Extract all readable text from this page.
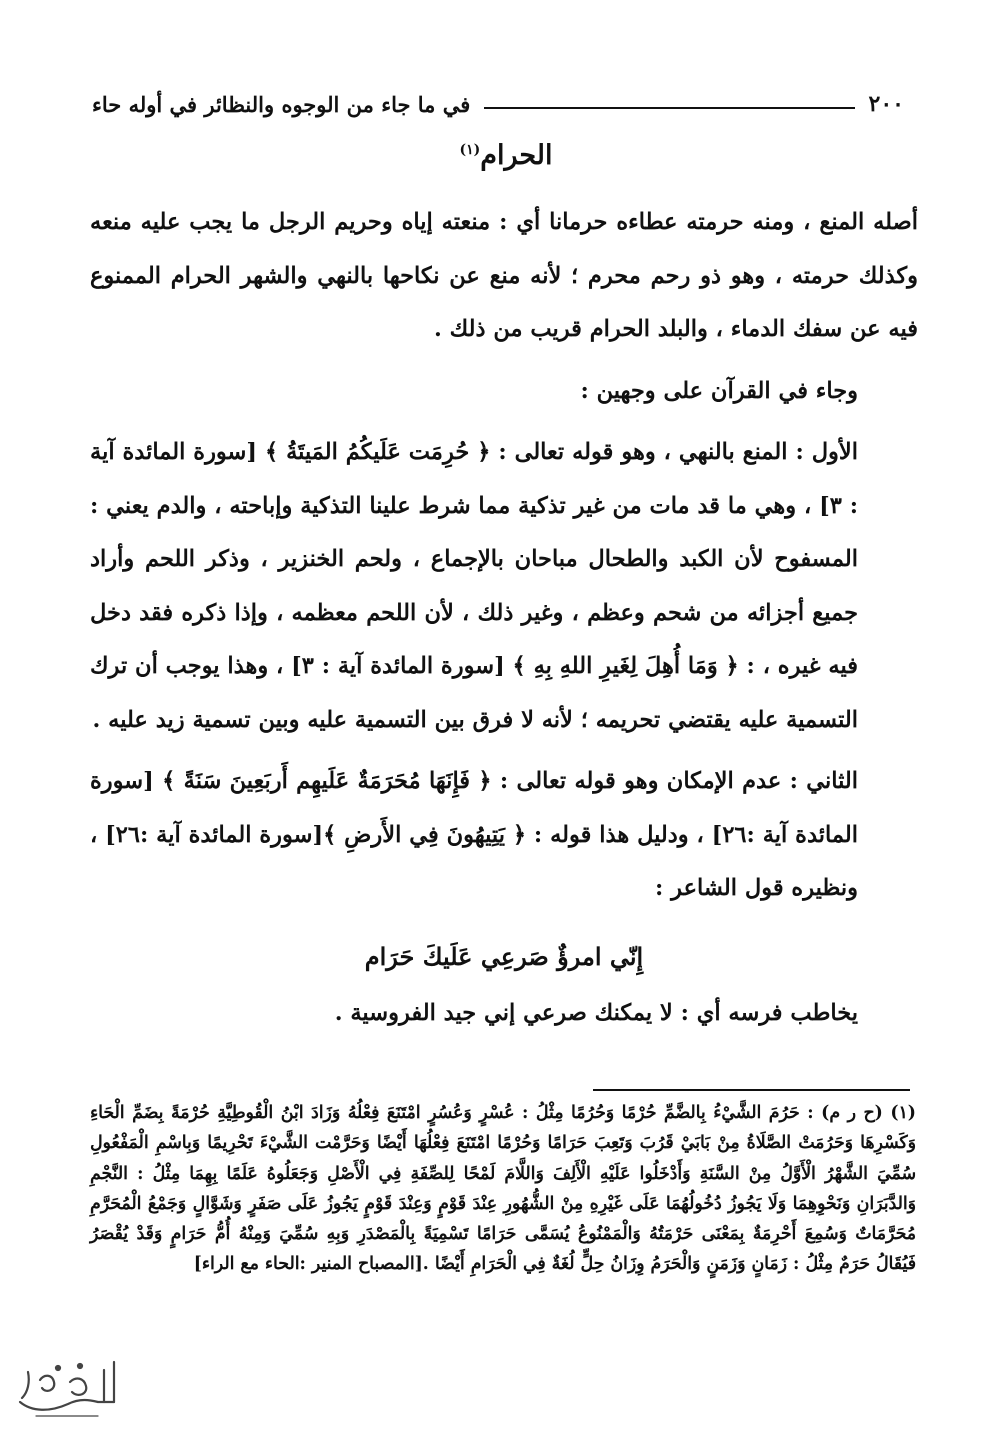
٢٠٠
في ما جاء من الوجوه والنظائر في أوله حاء
الحرام$^{(١)}$

أصله المنع ، ومنه حرمته عطاءه حرمانا أي : منعته إياه وحريم الرجل ما يجب عليه منعه وكذلك حرمته ، وهو ذو رحم محرم ؛ لأنه منع عن نكاحها بالنهي والشهر الحرام الممنوع فيه عن سفك الدماء ، والبلد الحرام قريب من ذلك .

وجاء في القرآن على وجهين :

الأول : المنع بالنهي ، وهو قوله تعالى : ﴿ حُرِمَت عَلَيكُمُ المَيتَةُ ﴾ [سورة المائدة آية : ٣] ، وهي ما قد مات من غير تذكية مما شرط علينا التذكية وإباحته ، والدم يعني : المسفوح لأن الكبد والطحال مباحان بالإجماع ، ولحم الخنزير ، وذكر اللحم وأراد جميع أجزائه من شحم وعظم ، وغير ذلك ، لأن اللحم معظمه ، وإذا ذكره فقد دخل فيه غيره ، : ﴿ وَمَا أُهِلَ لِغَيرِ اللهِ بِهِ ﴾ [سورة المائدة آية : ٣] ، وهذا يوجب أن ترك التسمية عليه يقتضي تحريمه ؛ لأنه لا فرق بين التسمية عليه وبين تسمية زيد عليه .

الثاني : عدم الإمكان وهو قوله تعالى : ﴿ فَإِنَهَا مُحَرَمَةٌ عَلَيهِم أَربَعِينَ سَنَةً ﴾ [سورة المائدة آية :٢٦] ، ودليل هذا قوله : ﴿ يَتِيهُونَ فِي الأَرضِ ﴾[سورة المائدة آية :٢٦] ، ونظيره قول الشاعر :

إِنّي امرؤٌ صَرعِي عَلَيكَ حَرَام

يخاطب فرسه أي : لا يمكنك صرعي إني جيد الفروسية .

(١) (ح ر م) : حَرُمَ الشَّيْءُ بِالضَّمِّ حُرْمًا وَحُرُمًا مِثْلُ : عُسْرٍ وَعُسُرٍ امْتَنَعَ فِعْلُهُ وَزَادَ ابْنُ الْقُوطِيَّةِ حُرْمَةً بِضَمِّ الْحَاءِ وَكَسْرِهَا وَحَرُمَتْ الصَّلَاةُ مِنْ بَابَيْ قَرُبَ وَتَعِبَ حَرَامًا وَحُرْمًا امْتَنَعَ فِعْلُهَا أَيْضًا وَحَرَّمْت الشَّيْءَ تَحْرِيمًا وَبِاسْمِ الْمَفْعُولِ سُمِّيَ الشَّهْرُ الْأَوَّلُ مِنْ السَّنَةِ وَأَدْخَلُوا عَلَيْهِ الْأَلِفَ وَاللَّامَ لَمْحًا لِلصِّفَةِ فِي الْأَصْلِ وَجَعَلُوهُ عَلَمًا بِهِمَا مِثْلُ : النَّجْمِ وَالدَّبَرَانِ وَنَحْوِهِمَا وَلَا يَجُوزُ دُخُولُهُمَا عَلَى غَيْرِهِ مِنْ الشُّهُورِ عِنْدَ قَوْمٍ وَعِنْدَ قَوْمٍ يَجُوزُ عَلَى صَفَرٍ وَشَوَّالٍ وَجَمْعُ الْمُحَرَّمِ مُحَرَّمَاتٌ وَسُمِعَ أَحْرِمَةٌ بِمَعْنَى حَرْمَتُهُ وَالْمَمْنُوعُ يُسَمَّى حَرَامًا تَسْمِيَةً بِالْمَصْدَرِ وَبِهِ سُمِّيَ وَمِنْهُ أُمُّ حَرَامٍ وَقَدْ يُقْصَرُ فَيُقَالُ حَرَمٌ مِثْلُ : زَمَانٍ وَزَمَنٍ وَالْحَرَمُ وِزَانُ حِلٍّ لُغَةٌ فِي الْحَرَامِ أَيْضًا .[المصباح المنير :الحاء مع الراء]
